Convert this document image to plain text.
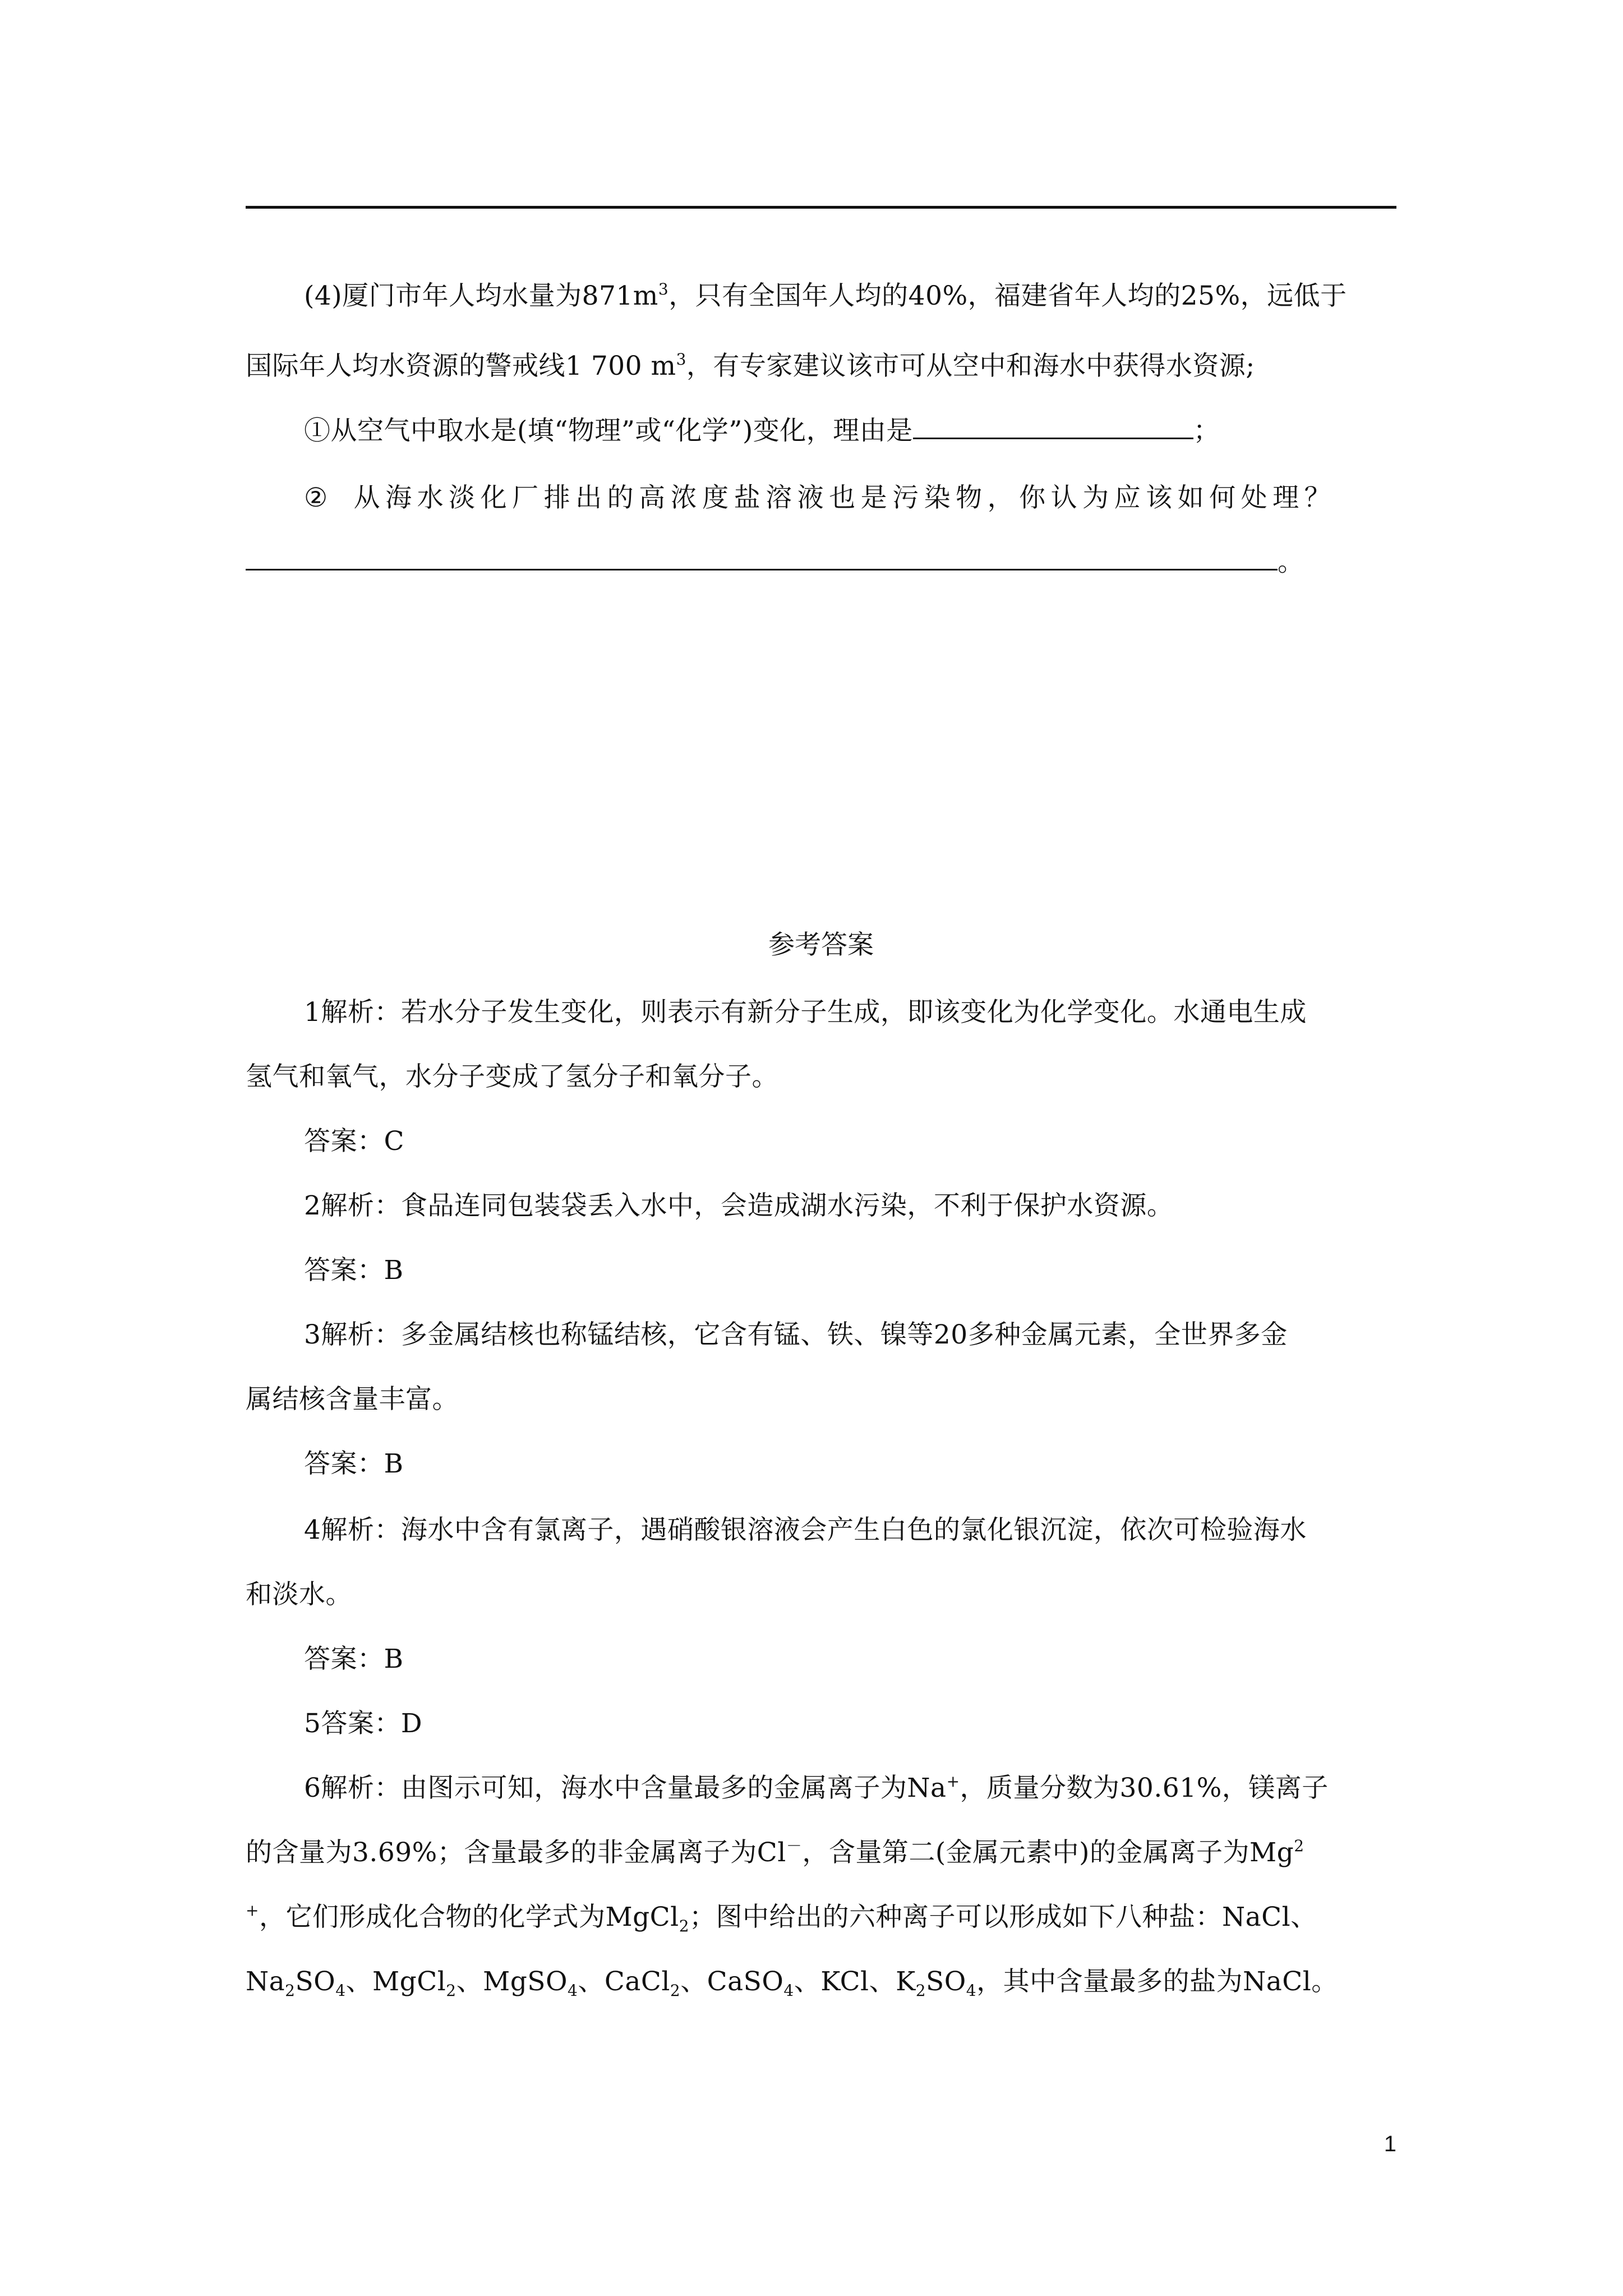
(4)厦门市年人均水量为$871m^3$，只有全国年人均的40%，福建省年人均的25%，远低于
国际年人均水资源的警戒线1 700 $m^3$，有专家建议该市可从空中和海水中获得水资源;
①从空气中取水是(填“物理”或“化学”)变化，理由是	；
② 从海水淡化厂排出的高浓度盐溶液也是污染物，你认为应该如何处理？
。
参考答案
1解析：若水分子发生变化，则表示有新分子生成，即该变化为化学变化。水通电生成
氢气和氧气，水分子变成了氢分子和氧分子。
答案：C
2解析：食品连同包装袋丢入水中，会造成湖水污染，不利于保护水资源。
答案：B
3解析：多金属结核也称锰结核，它含有锰、铁、镍等20多种金属元素，全世界多金
属结核含量丰富。
答案：B
4解析：海水中含有氯离子，遇硝酸银溶液会产生白色的氯化银沉淀，依次可检验海水
和淡水。
答案：B
5答案：D
6解析：由图示可知，海水中含量最多的金属离子为Na+，质量分数为30.61%，镁离子
的含量为3.69%；含量最多的非金属离子为Cl－，含量第二(金属元素中)的金属离子为Mg$^2$
+，它们形成化合物的化学式为MgCl$_2$；图中给出的六种离子可以形成如下八种盐：NaCl、
$Na_2SO_4$、MgCl$_2$、MgSO$_4$、CaCl$_2$、CaSO$_4$、KCl、$K_2SO_4$，其中含量最多的盐为NaCl。
1
